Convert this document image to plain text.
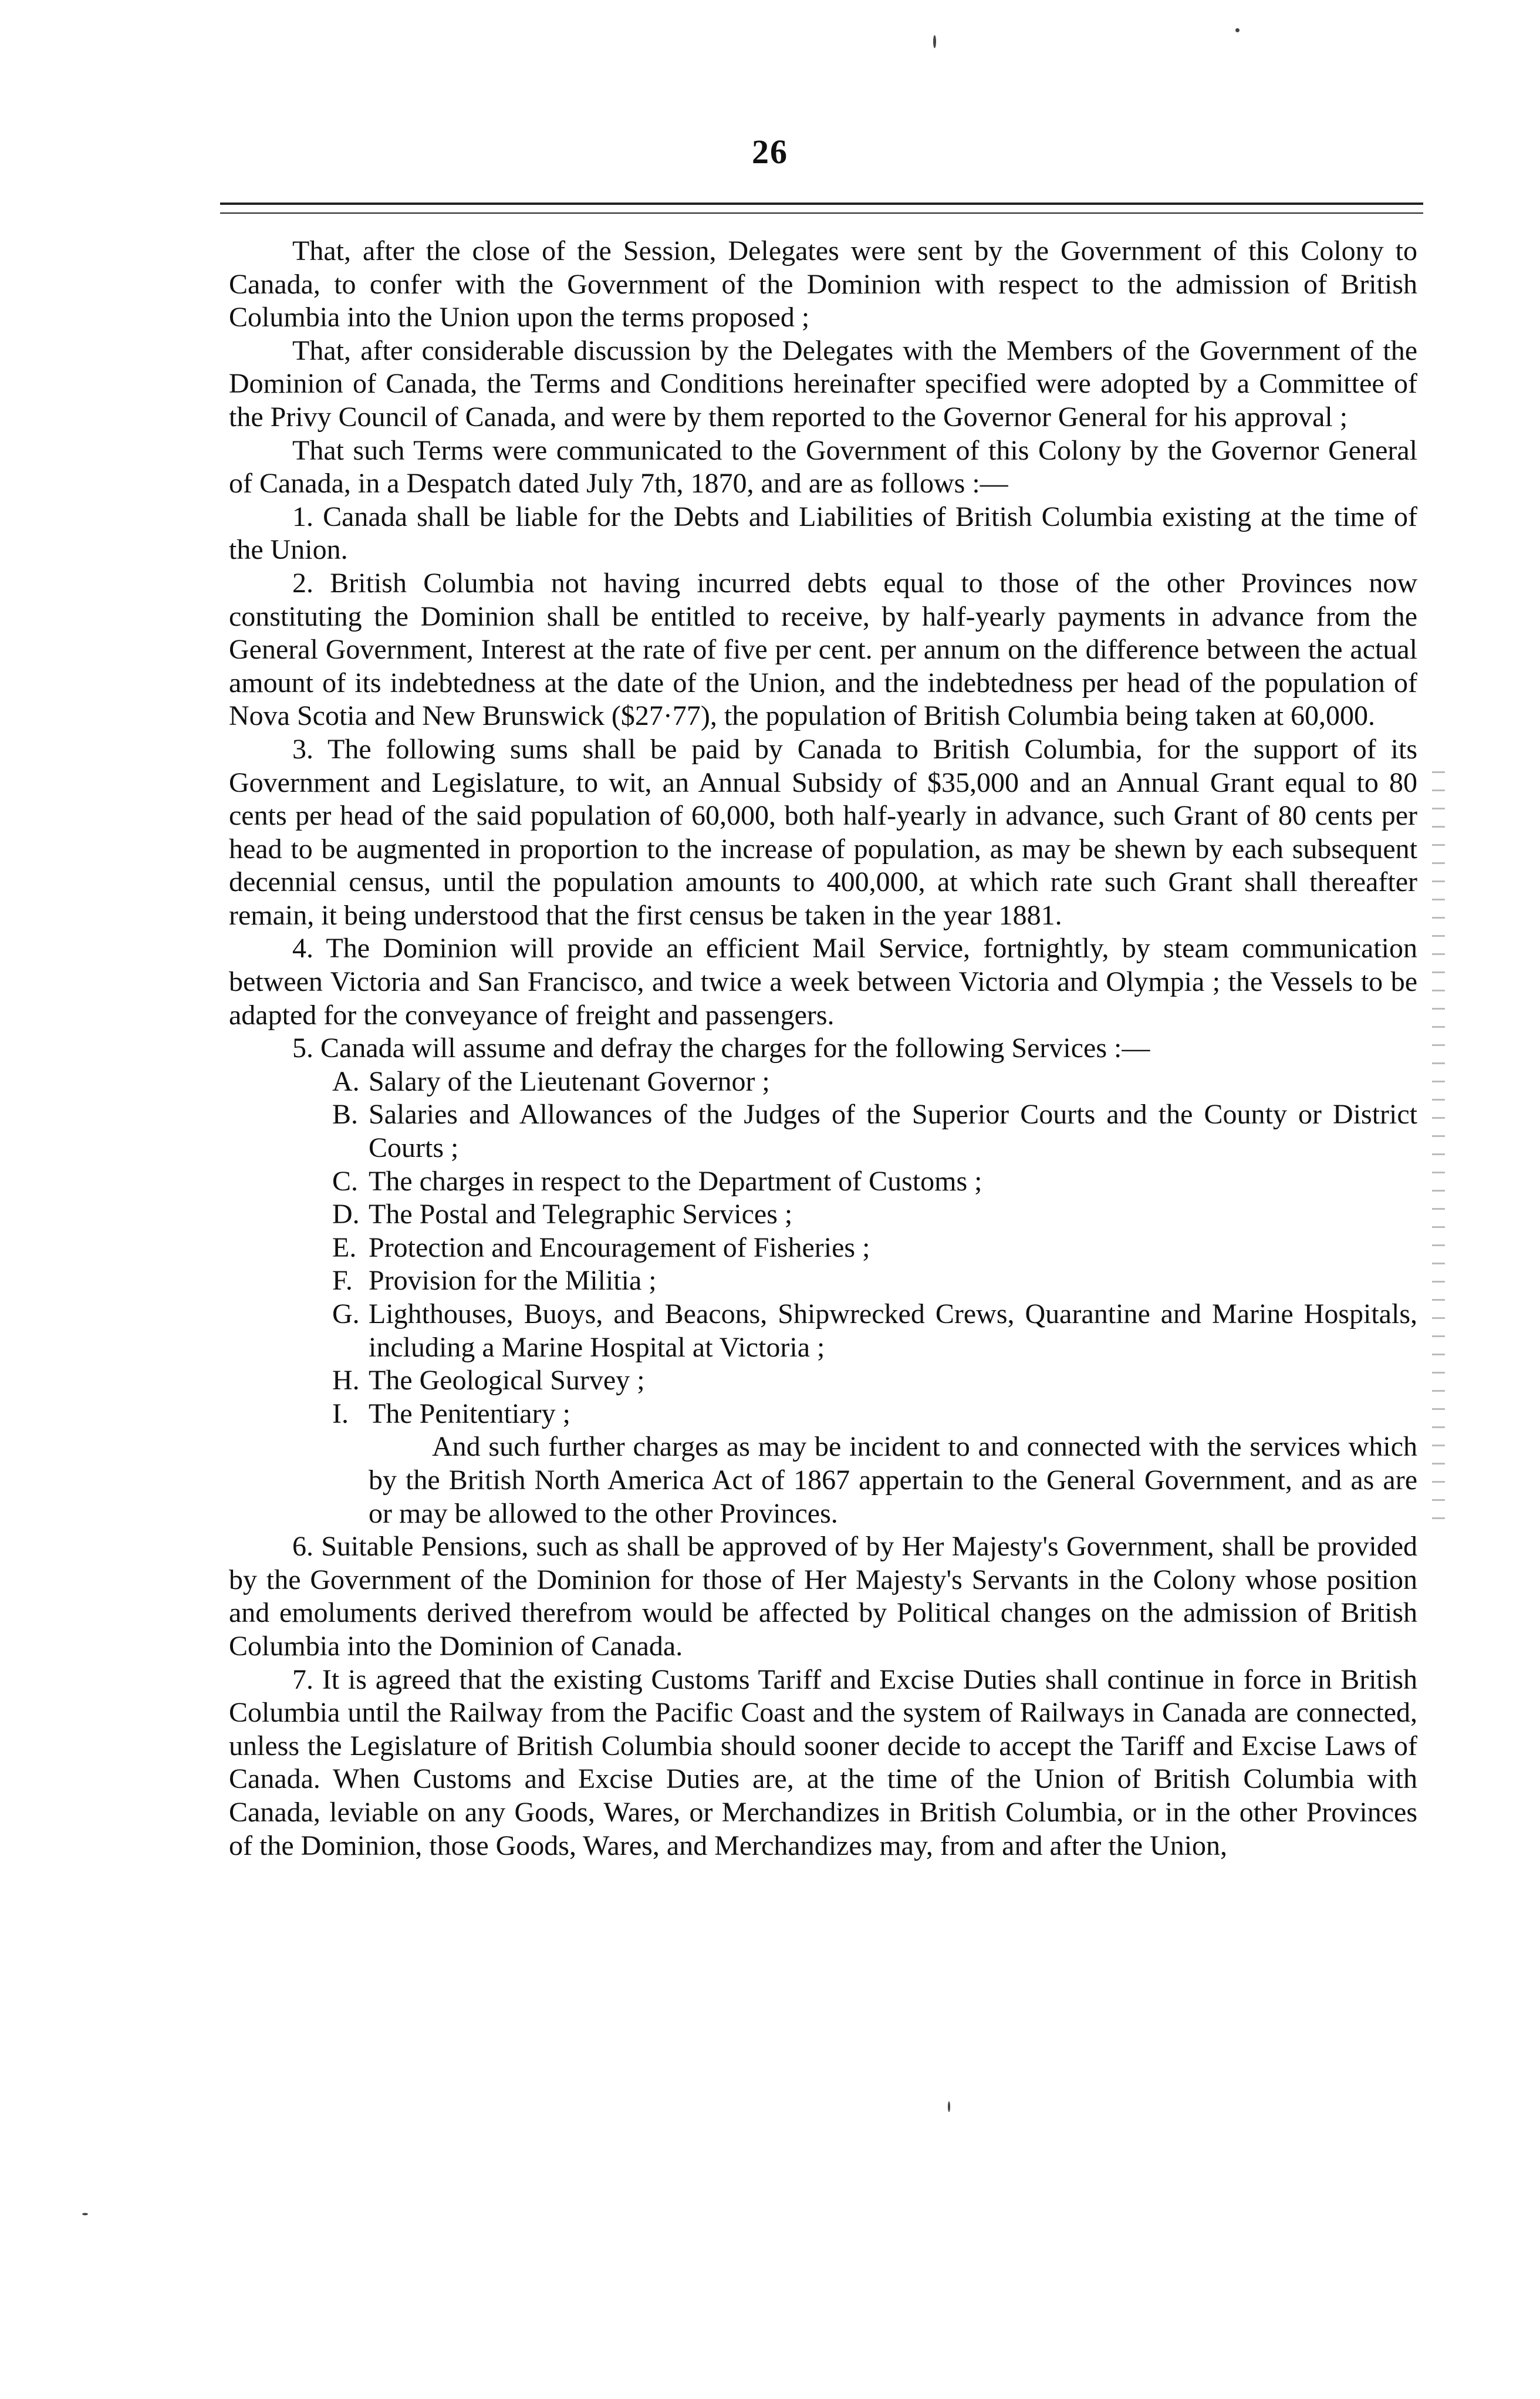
26

That, after the close of the Session, Delegates were sent by the Government of this Colony to Canada, to confer with the Government of the Dominion with respect to the admission of British Columbia into the Union upon the terms proposed ;

That, after considerable discussion by the Delegates with the Members of the Government of the Dominion of Canada, the Terms and Conditions hereinafter specified were adopted by a Committee of the Privy Council of Canada, and were by them reported to the Governor General for his approval ;

That such Terms were communicated to the Government of this Colony by the Governor General of Canada, in a Despatch dated July 7th, 1870, and are as follows :—

1. Canada shall be liable for the Debts and Liabilities of British Columbia existing at the time of the Union.

2. British Columbia not having incurred debts equal to those of the other Provinces now constituting the Dominion shall be entitled to receive, by half-yearly payments in advance from the General Government, Interest at the rate of five per cent. per annum on the difference between the actual amount of its indebtedness at the date of the Union, and the indebtedness per head of the population of Nova Scotia and New Brunswick ($27·77), the population of British Columbia being taken at 60,000.

3. The following sums shall be paid by Canada to British Columbia, for the support of its Government and Legislature, to wit, an Annual Subsidy of $35,000 and an Annual Grant equal to 80 cents per head of the said population of 60,000, both half-yearly in advance, such Grant of 80 cents per head to be augmented in proportion to the increase of population, as may be shewn by each subsequent decennial census, until the population amounts to 400,000, at which rate such Grant shall thereafter remain, it being understood that the first census be taken in the year 1881.

4. The Dominion will provide an efficient Mail Service, fortnightly, by steam communication between Victoria and San Francisco, and twice a week between Victoria and Olympia ; the Vessels to be adapted for the conveyance of freight and passengers.

5. Canada will assume and defray the charges for the following Services :—

A. Salary of the Lieutenant Governor ;
B. Salaries and Allowances of the Judges of the Superior Courts and the County or District Courts ;
C. The charges in respect to the Department of Customs ;
D. The Postal and Telegraphic Services ;
E. Protection and Encouragement of Fisheries ;
F. Provision for the Militia ;
G. Lighthouses, Buoys, and Beacons, Shipwrecked Crews, Quarantine and Marine Hospitals, including a Marine Hospital at Victoria ;
H. The Geological Survey ;
I. The Penitentiary ;

And such further charges as may be incident to and connected with the services which by the British North America Act of 1867 appertain to the General Government, and as are or may be allowed to the other Provinces.

6. Suitable Pensions, such as shall be approved of by Her Majesty's Government, shall be provided by the Government of the Dominion for those of Her Majesty's Servants in the Colony whose position and emoluments derived therefrom would be affected by Political changes on the admission of British Columbia into the Dominion of Canada.

7. It is agreed that the existing Customs Tariff and Excise Duties shall continue in force in British Columbia until the Railway from the Pacific Coast and the system of Railways in Canada are connected, unless the Legislature of British Columbia should sooner decide to accept the Tariff and Excise Laws of Canada. When Customs and Excise Duties are, at the time of the Union of British Columbia with Canada, leviable on any Goods, Wares, or Merchandizes in British Columbia, or in the other Provinces of the Dominion, those Goods, Wares, and Merchandizes may, from and after the Union,
